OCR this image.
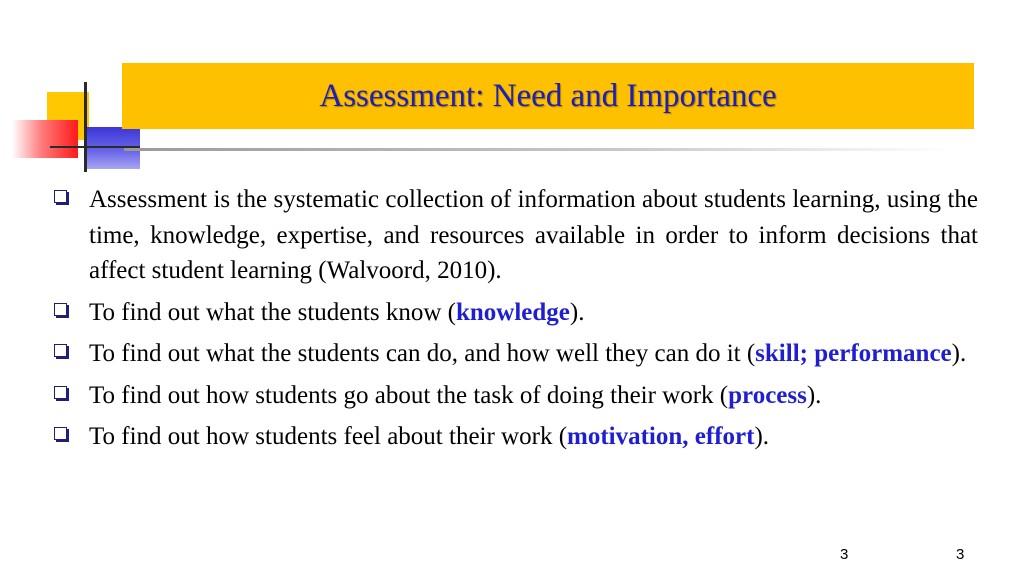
Assessment: Need and Importance
Assessment is the systematic collection of information about students learning, using the time, knowledge, expertise, and resources available in order to inform decisions that affect student learning (Walvoord, 2010).
To find out what the students know (knowledge).
To find out what the students can do, and how well they can do it (skill; performance).
To find out how students go about the task of doing their work (process).
To find out how students feel about their work (motivation, effort).
3	3
